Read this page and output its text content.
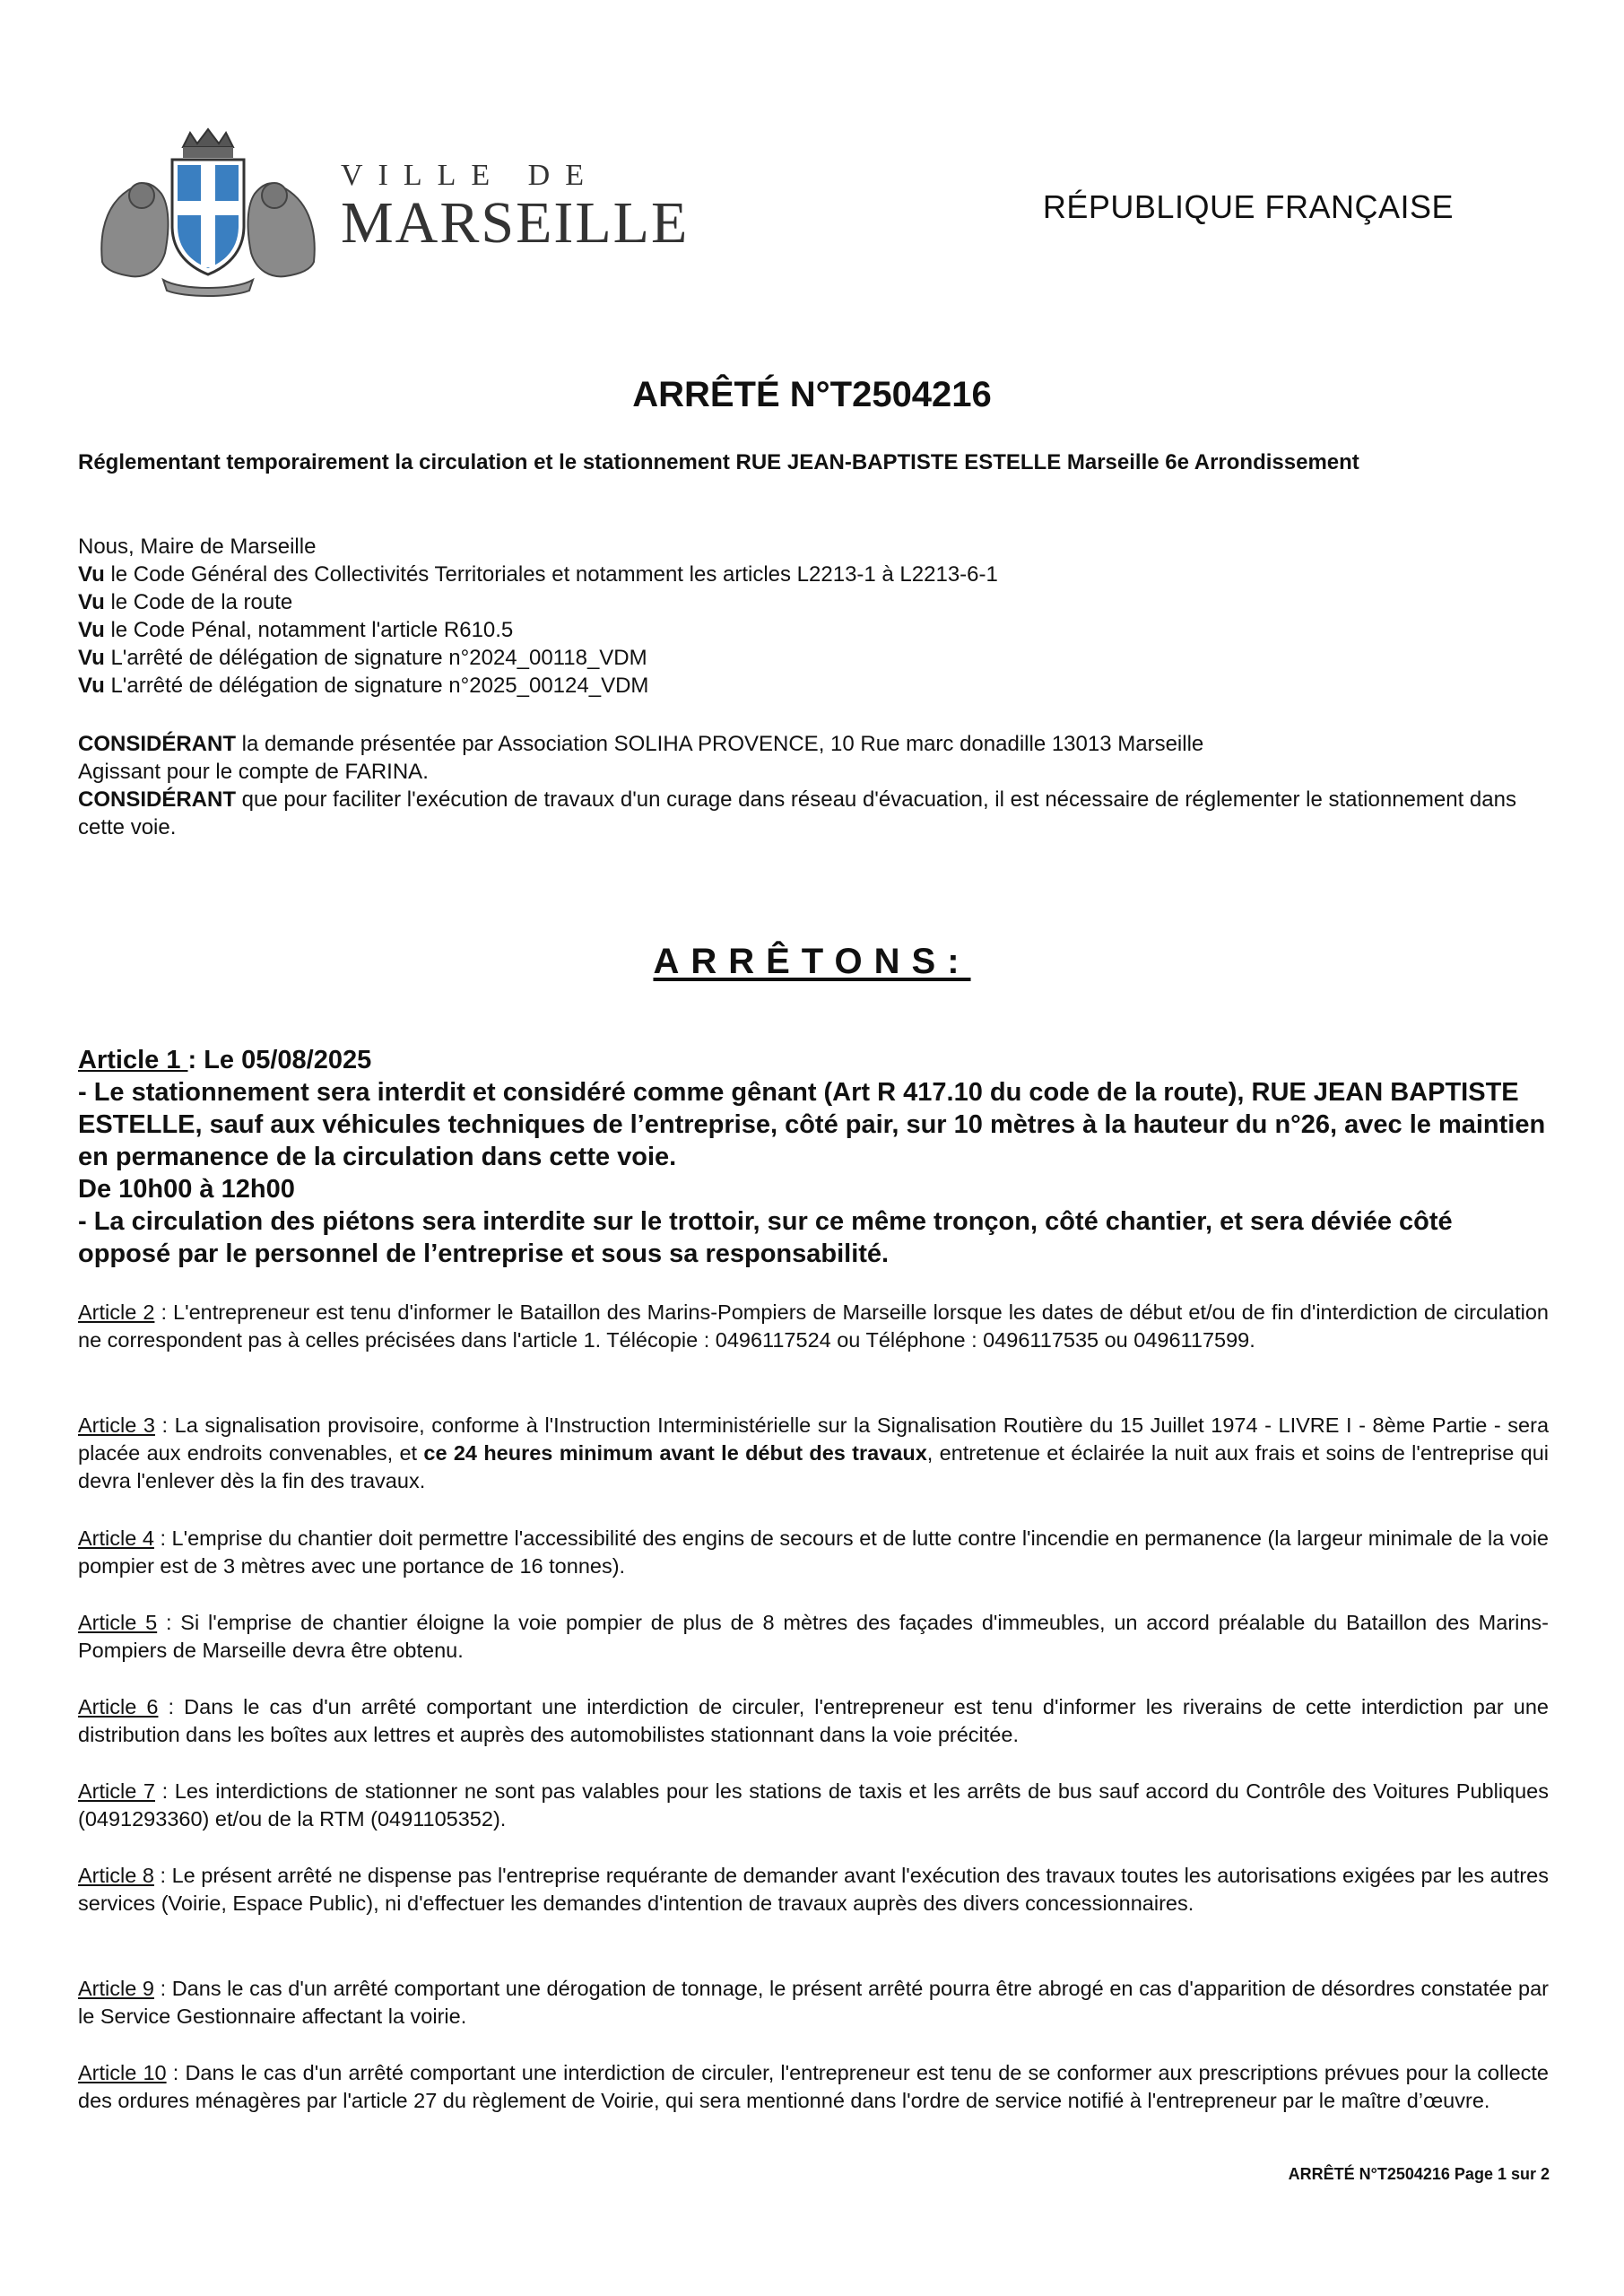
VILLE DE
MARSEILLE	RÉPUBLIQUE FRANÇAISE
ARRÊTÉ N°T2504216
Réglementant temporairement la circulation et le stationnement RUE JEAN-BAPTISTE ESTELLE Marseille 6e Arrondissement
Nous, Maire de Marseille
Vu le Code Général des Collectivités Territoriales et notamment les articles L2213-1 à L2213-6-1
Vu le Code de la route
Vu le Code Pénal, notamment l'article R610.5
Vu L'arrêté de délégation de signature n°2024_00118_VDM
Vu L'arrêté de délégation de signature n°2025_00124_VDM
CONSIDÉRANT la demande présentée par Association SOLIHA PROVENCE, 10 Rue marc donadille 13013 Marseille
Agissant pour le compte de FARINA.
CONSIDÉRANT que pour faciliter l'exécution de travaux d'un curage dans réseau d'évacuation, il est nécessaire de réglementer le stationnement dans cette voie.
ARRÊTONS:
Article 1 : Le 05/08/2025
- Le stationnement sera interdit et considéré comme gênant (Art R 417.10 du code de la route), RUE JEAN BAPTISTE ESTELLE, sauf aux véhicules techniques de l’entreprise, côté pair, sur 10 mètres à la hauteur du n°26, avec le maintien en permanence de la circulation dans cette voie.
De 10h00 à 12h00
- La circulation des piétons sera interdite sur le trottoir, sur ce même tronçon, côté chantier, et sera déviée côté opposé par le personnel de l’entreprise et sous sa responsabilité.
Article 2 : L'entrepreneur est tenu d'informer le Bataillon des Marins-Pompiers de Marseille lorsque les dates de début et/ou de fin d'interdiction de circulation ne correspondent pas à celles précisées dans l'article 1. Télécopie : 0496117524 ou Téléphone : 0496117535 ou 0496117599.
Article 3 : La signalisation provisoire, conforme à l'Instruction Interministérielle sur la Signalisation Routière du 15 Juillet 1974 - LIVRE I - 8ème Partie - sera placée aux endroits convenables, et ce 24 heures minimum avant le début des travaux, entretenue et éclairée la nuit aux frais et soins de l'entreprise qui devra l'enlever dès la fin des travaux.
Article 4 : L'emprise du chantier doit permettre l'accessibilité des engins de secours et de lutte contre l'incendie en permanence (la largeur minimale de la voie pompier est de 3 mètres avec une portance de 16 tonnes).
Article 5 : Si l'emprise de chantier éloigne la voie pompier de plus de 8 mètres des façades d'immeubles, un accord préalable du Bataillon des Marins-Pompiers de Marseille devra être obtenu.
Article 6 : Dans le cas d'un arrêté comportant une interdiction de circuler, l'entrepreneur est tenu d'informer les riverains de cette interdiction par une distribution dans les boîtes aux lettres et auprès des automobilistes stationnant dans la voie précitée.
Article 7 : Les interdictions de stationner ne sont pas valables pour les stations de taxis et les arrêts de bus sauf accord du Contrôle des Voitures Publiques (0491293360) et/ou de la RTM (0491105352).
Article 8 : Le présent arrêté ne dispense pas l'entreprise requérante de demander avant l'exécution des travaux toutes les autorisations exigées par les autres services (Voirie, Espace Public), ni d'effectuer les demandes d'intention de travaux auprès des divers concessionnaires.
Article 9 : Dans le cas d'un arrêté comportant une dérogation de tonnage, le présent arrêté pourra être abrogé en cas d'apparition de désordres constatée par le Service Gestionnaire affectant la voirie.
Article 10 : Dans le cas d'un arrêté comportant une interdiction de circuler, l'entrepreneur est tenu de se conformer aux prescriptions prévues pour la collecte des ordures ménagères par l'article 27 du règlement de Voirie, qui sera mentionné dans l'ordre de service notifié à l'entrepreneur par le maître d’œuvre.
ARRÊTÉ N°T2504216 Page 1 sur 2
